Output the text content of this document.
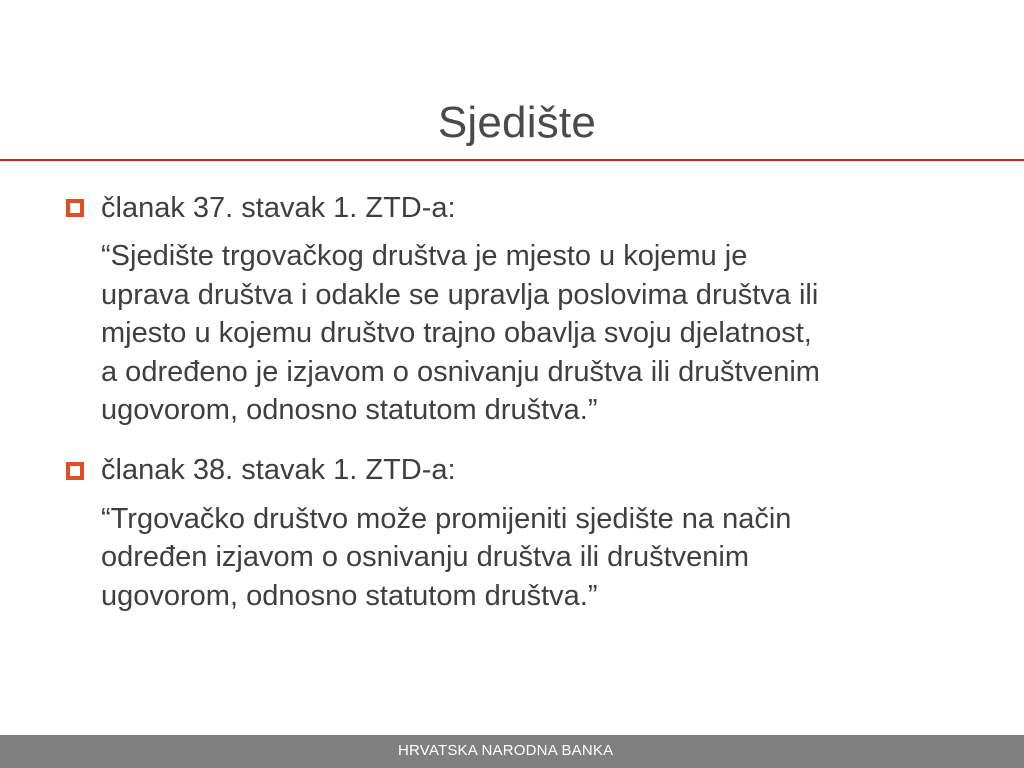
Sjedište
članak 37. stavak 1. ZTD-a:
“Sjedište trgovačkog društva je mjesto u kojemu je
uprava društva i odakle se upravlja poslovima društva ili
mjesto u kojemu društvo trajno obavlja svoju djelatnost,
a određeno je izjavom o osnivanju društva ili društvenim
ugovorom, odnosno statutom društva.”
članak 38. stavak 1. ZTD-a:
“Trgovačko društvo može promijeniti sjedište na način
određen izjavom o osnivanju društva ili društvenim
ugovorom, odnosno statutom društva.”
HRVATSKA NARODNA BANKA
